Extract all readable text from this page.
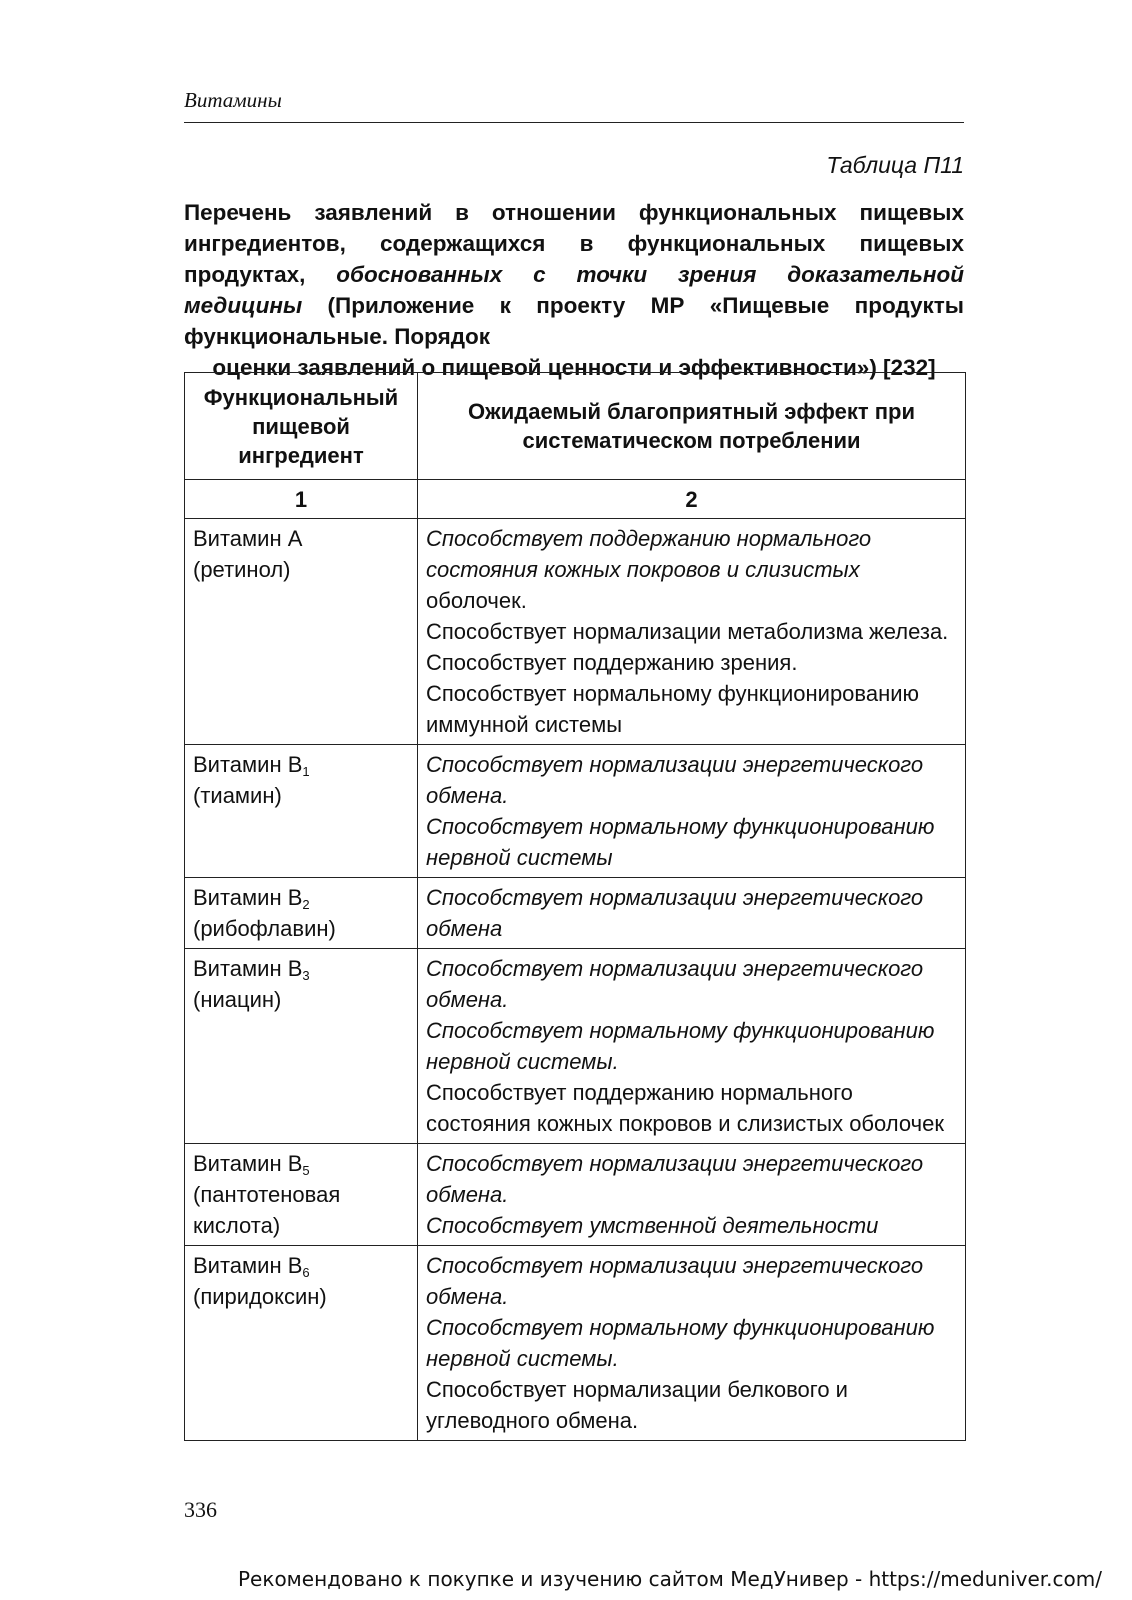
Витамины
Таблица П11
Перечень заявлений в отношении функциональных пищевых ингредиентов, содержащихся в функциональных пищевых продуктах, обоснованных с точки зрения доказательной медицины (Приложение к проекту МР «Пищевые продукты функциональные. Порядок
оценки заявлений о пищевой ценности и эффективности») [232]
Функциональный пищевой ингредиент	Ожидаемый благоприятный эффект при систематическом потреблении
1	2
Витамин А
(ретинол)	Способствует поддержанию нормального состояния кожных покровов и слизистых
оболочек.
Способствует нормализации метаболизма железа.
Способствует поддержанию зрения.
Способствует нормальному функционированию иммунной системы

Витамин $В_1$
(тиамин)	Способствует нормализации энергетического обмена.
Способствует нормальному функционированию нервной системы

Витамин $В_2$
(рибофлавин)	Способствует нормализации энергетического обмена

Витамин $В_3$
(ниацин)	Способствует нормализации энергетического обмена.
Способствует нормальному функционированию нервной системы.
Способствует поддержанию нормального состояния кожных покровов и слизистых оболочек

Витамин $В_5$
(пантотеновая кислота)	Способствует нормализации энергетического обмена.
Способствует умственной деятельности

Витамин $В_6$
(пиридоксин)	Способствует нормализации энергетического обмена.
Способствует нормальному функционированию нервной системы.
Способствует нормализации белкового и углеводного обмена.
336
Рекомендовано к покупке и изучению сайтом МедУнивер - https://meduniver.com/
